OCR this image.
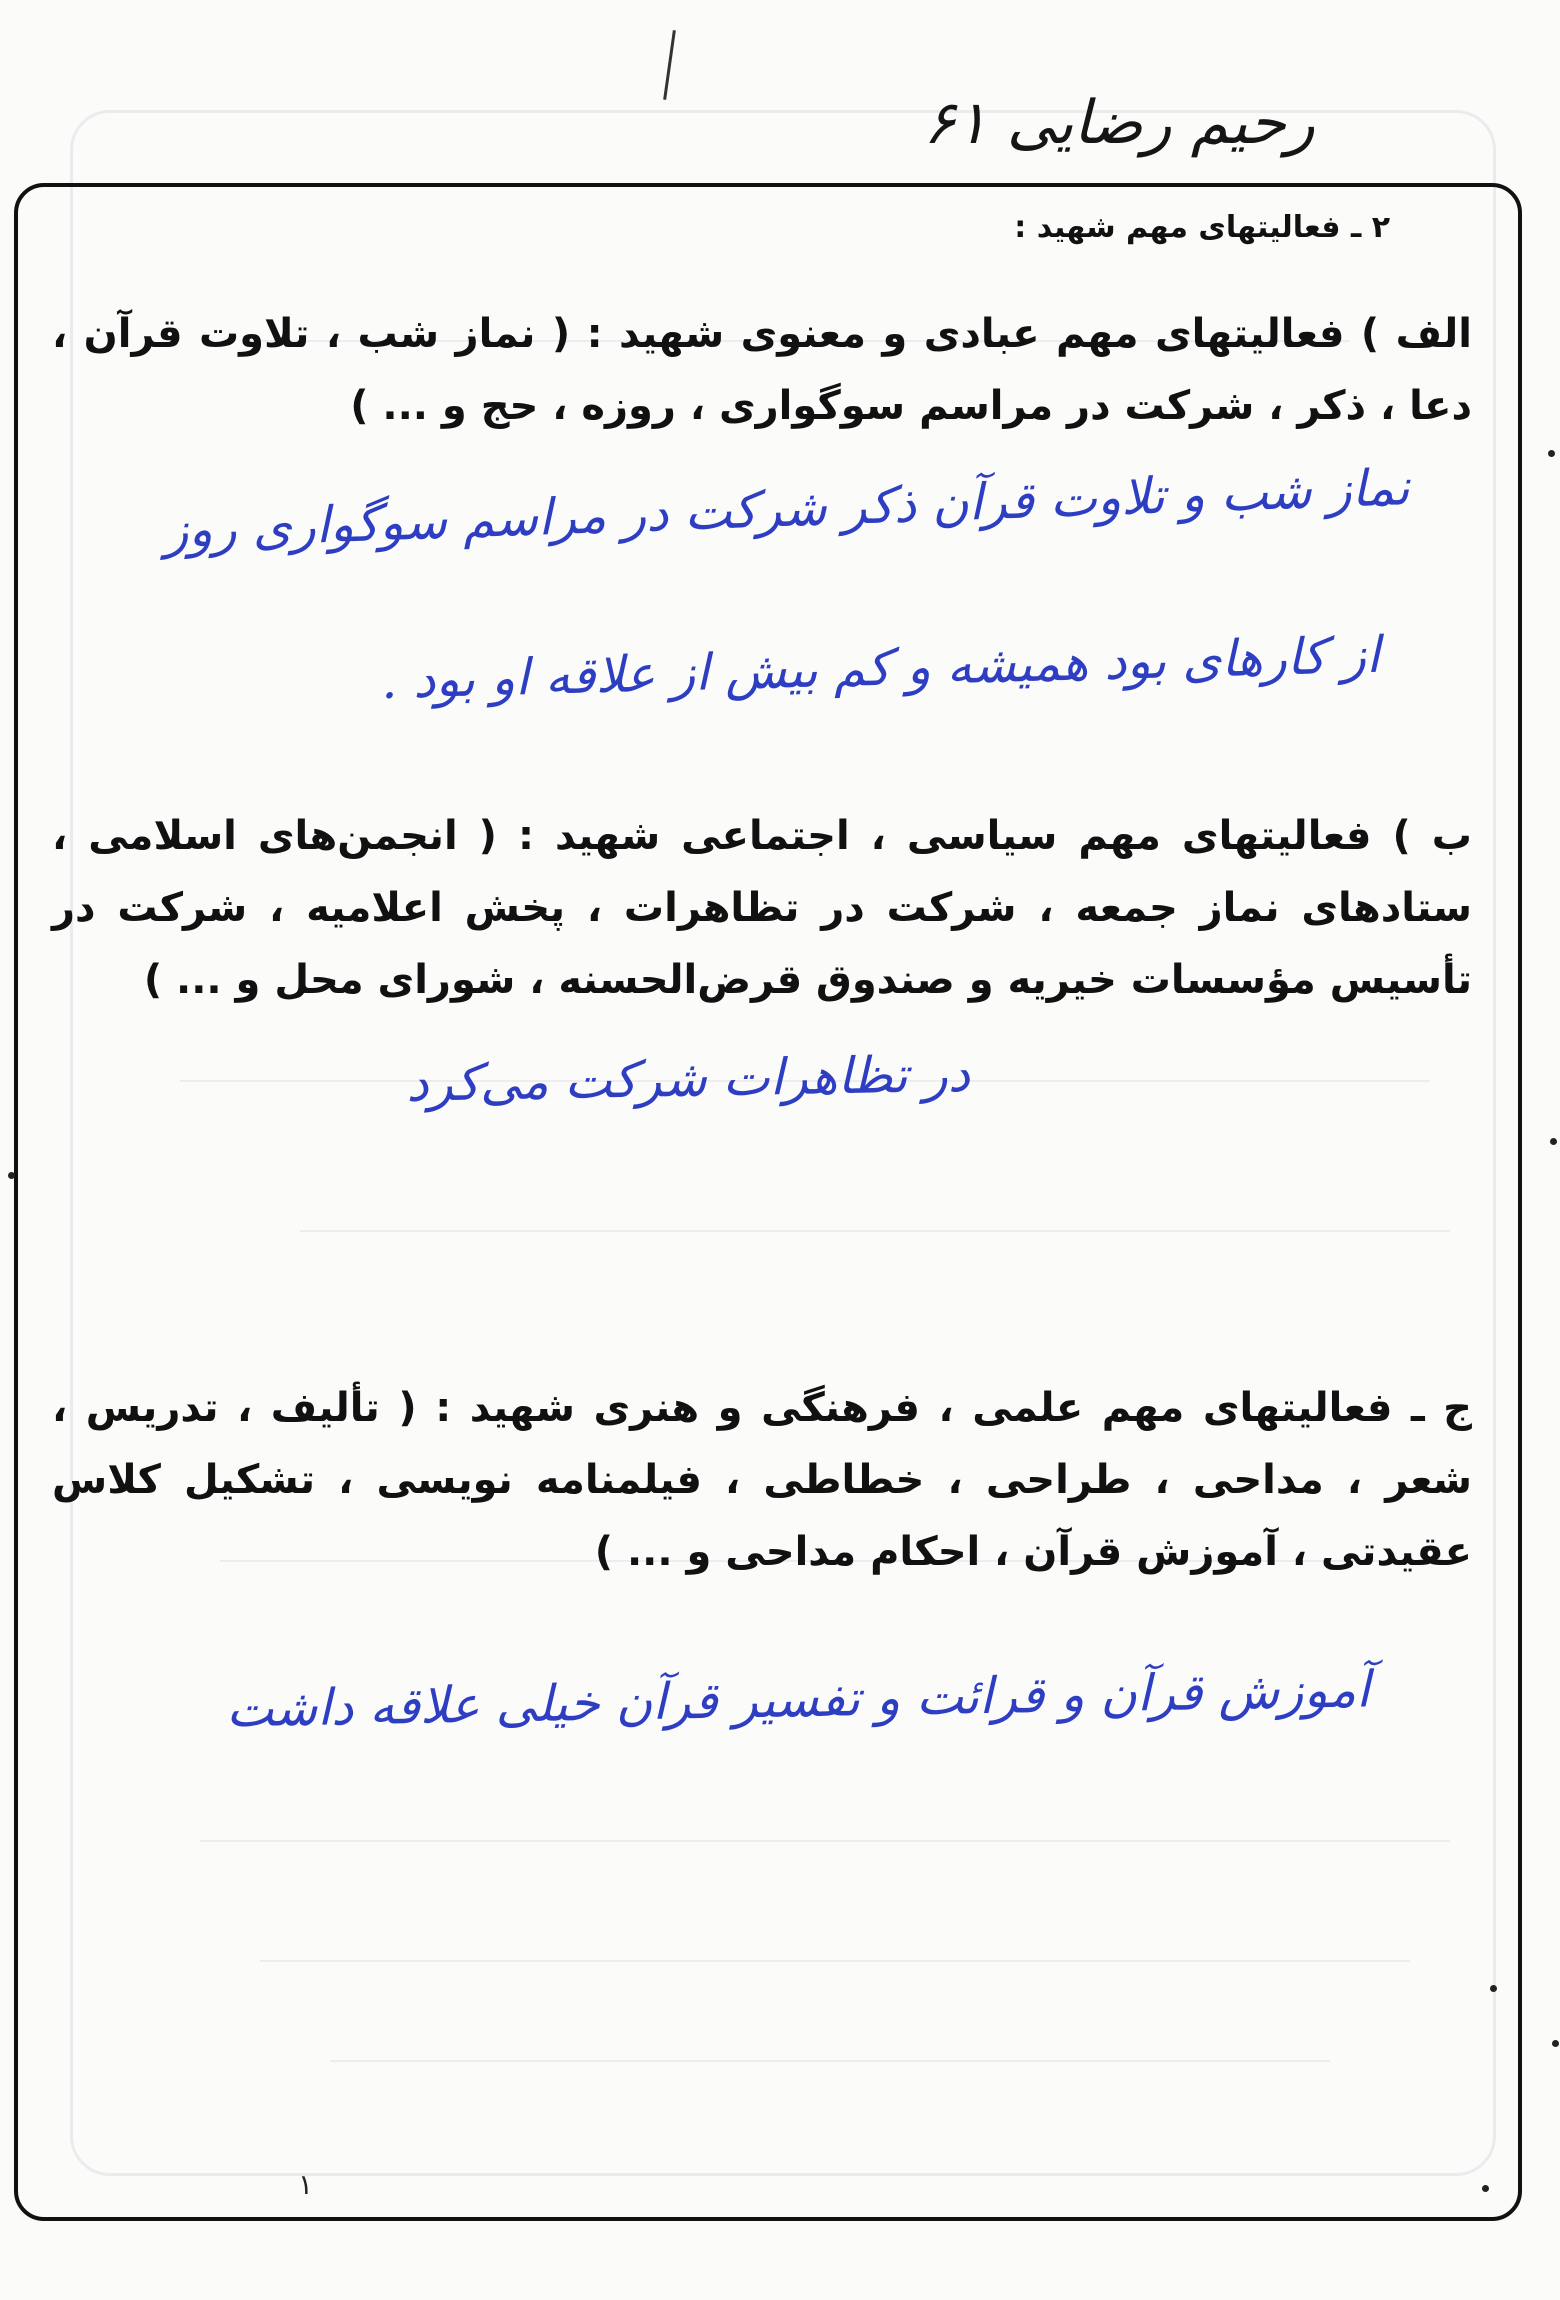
رحیم رضایی ۶۱
۲ ـ فعالیتهای مهم شهید :
الف ) فعالیتهای مهم عبادی و معنوی شهید : ( نماز شب ، تلاوت قرآن ، دعا ، ذکر ، شرکت در مراسم سوگواری ، روزه ، حج و ... )
نماز شب و تلاوت قرآن ذکر شرکت در مراسم سوگواری روز
از کارهای بود همیشه و کم بیش از علاقه او بود .
ب ) فعالیتهای مهم سیاسی ، اجتماعی شهید : ( انجمن‌های اسلامی ، ستادهای نماز جمعه ، شرکت در تظاهرات ، پخش اعلامیه ، شرکت در تأسیس مؤسسات خیریه و صندوق قرض‌الحسنه ، شورای محل و ... )
در تظاهرات شرکت می‌کرد
ج ـ فعالیتهای مهم علمی ، فرهنگی و هنری شهید : ( تألیف ، تدریس ، شعر ، مداحی ، طراحی ، خطاطی ، فیلمنامه نویسی ، تشکیل کلاس عقیدتی ، آموزش قرآن ، احکام مداحی و ... )
آموزش قرآن و قرائت و تفسیر قرآن خیلی علاقه داشت
۱
